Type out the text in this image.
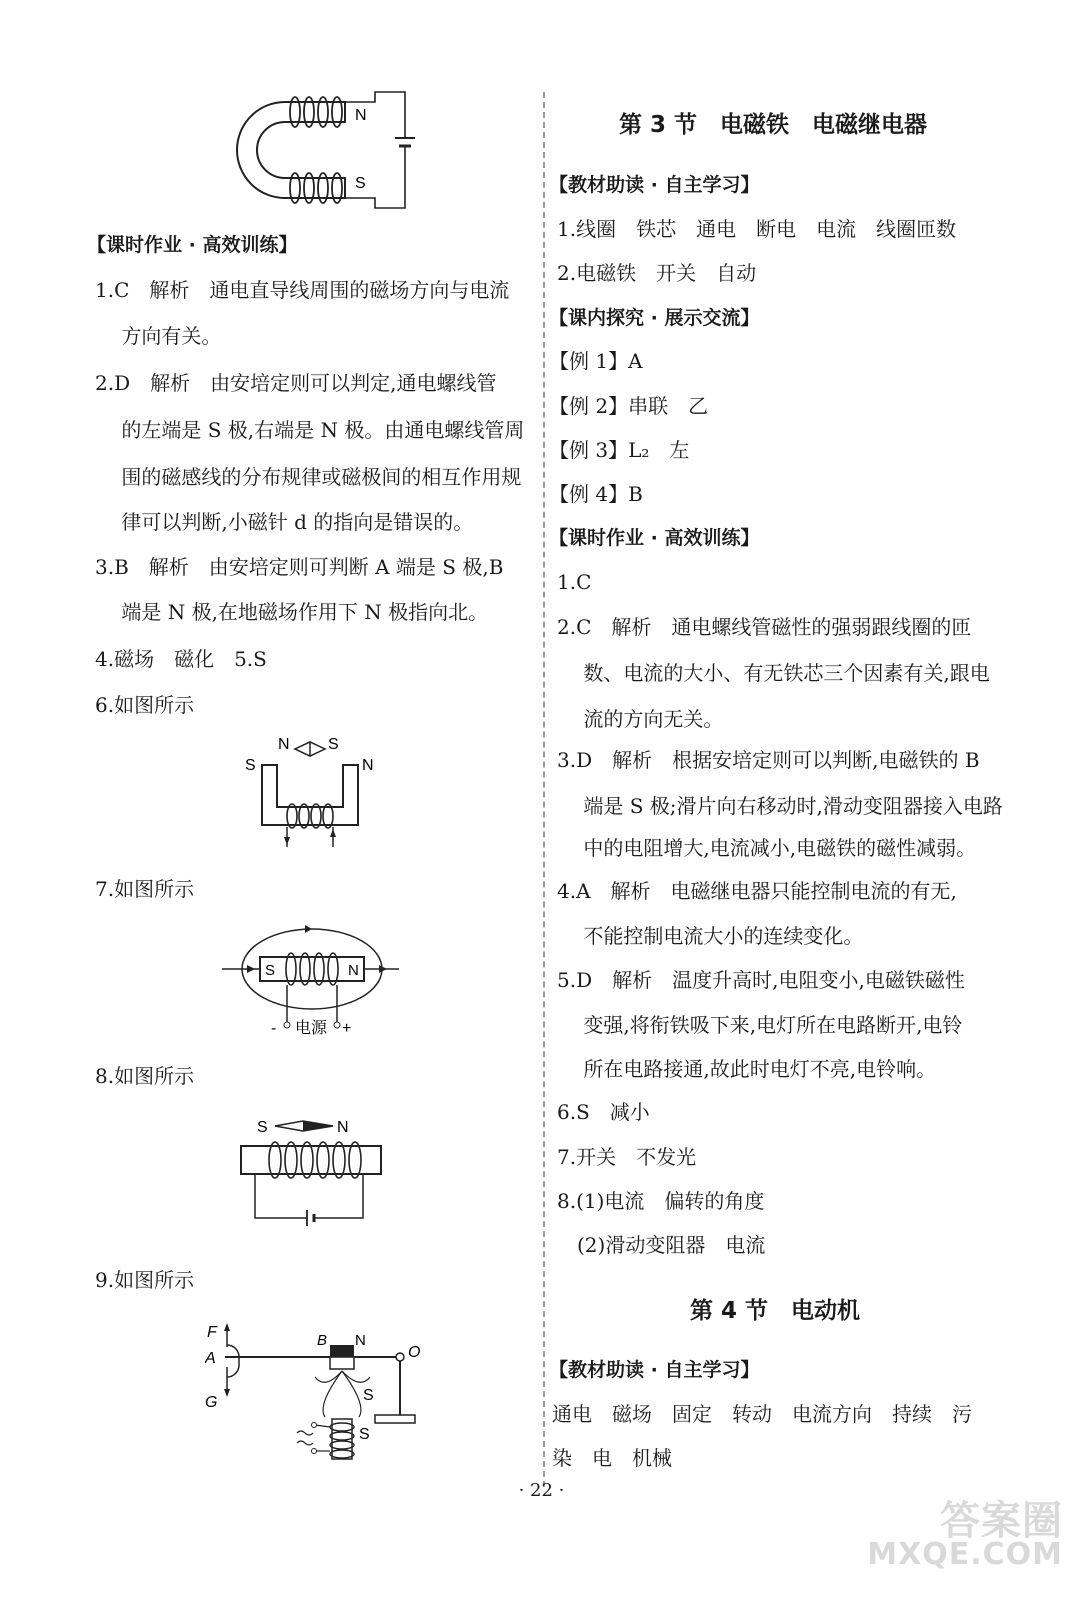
N
S
【课时作业 · 高效训练】
1.C　解析　通电直导线周围的磁场方向与电流
　 方向有关。
2.D　解析　由安培定则可以判定,通电螺线管
　 的左端是 S 极,右端是 N 极。由通电螺线管周
　 围的磁感线的分布规律或磁极间的相互作用规
　 律可以判断,小磁针 d 的指向是错误的。
3.B　解析　由安培定则可判断 A 端是 S 极,B
　 端是 N 极,在地磁场作用下 N 极指向北。
4.磁场　磁化　5.S
6.如图所示
N S
S	N
7.如图所示
S	N
- 电源 +
8.如图所示
S	N
9.如图所示
F
A
G
B N
O
S
S
第 3 节　电磁铁　电磁继电器
【教材助读 · 自主学习】
1.线圈　铁芯　通电　断电　电流　线圈匝数
2.电磁铁　开关　自动
【课内探究 · 展示交流】
【例 1】A
【例 2】串联　乙
【例 3】L₂　左
【例 4】B
【课时作业 · 高效训练】
1.C
2.C　解析　通电螺线管磁性的强弱跟线圈的匝
　 数、电流的大小、有无铁芯三个因素有关,跟电
　 流的方向无关。
3.D　解析　根据安培定则可以判断,电磁铁的 B
　 端是 S 极;滑片向右移动时,滑动变阻器接入电路
　 中的电阻增大,电流减小,电磁铁的磁性减弱。
4.A　解析　电磁继电器只能控制电流的有无,
　 不能控制电流大小的连续变化。
5.D　解析　温度升高时,电阻变小,电磁铁磁性
　 变强,将衔铁吸下来,电灯所在电路断开,电铃
　 所在电路接通,故此时电灯不亮,电铃响。
6.S　减小
7.开关　不发光
8.(1)电流　偏转的角度
　(2)滑动变阻器　电流
第 4 节　电动机
【教材助读 · 自主学习】
通电　磁场　固定　转动　电流方向　持续　污
染　电　机械
· 22 ·
答案圈
MXQE.COM
